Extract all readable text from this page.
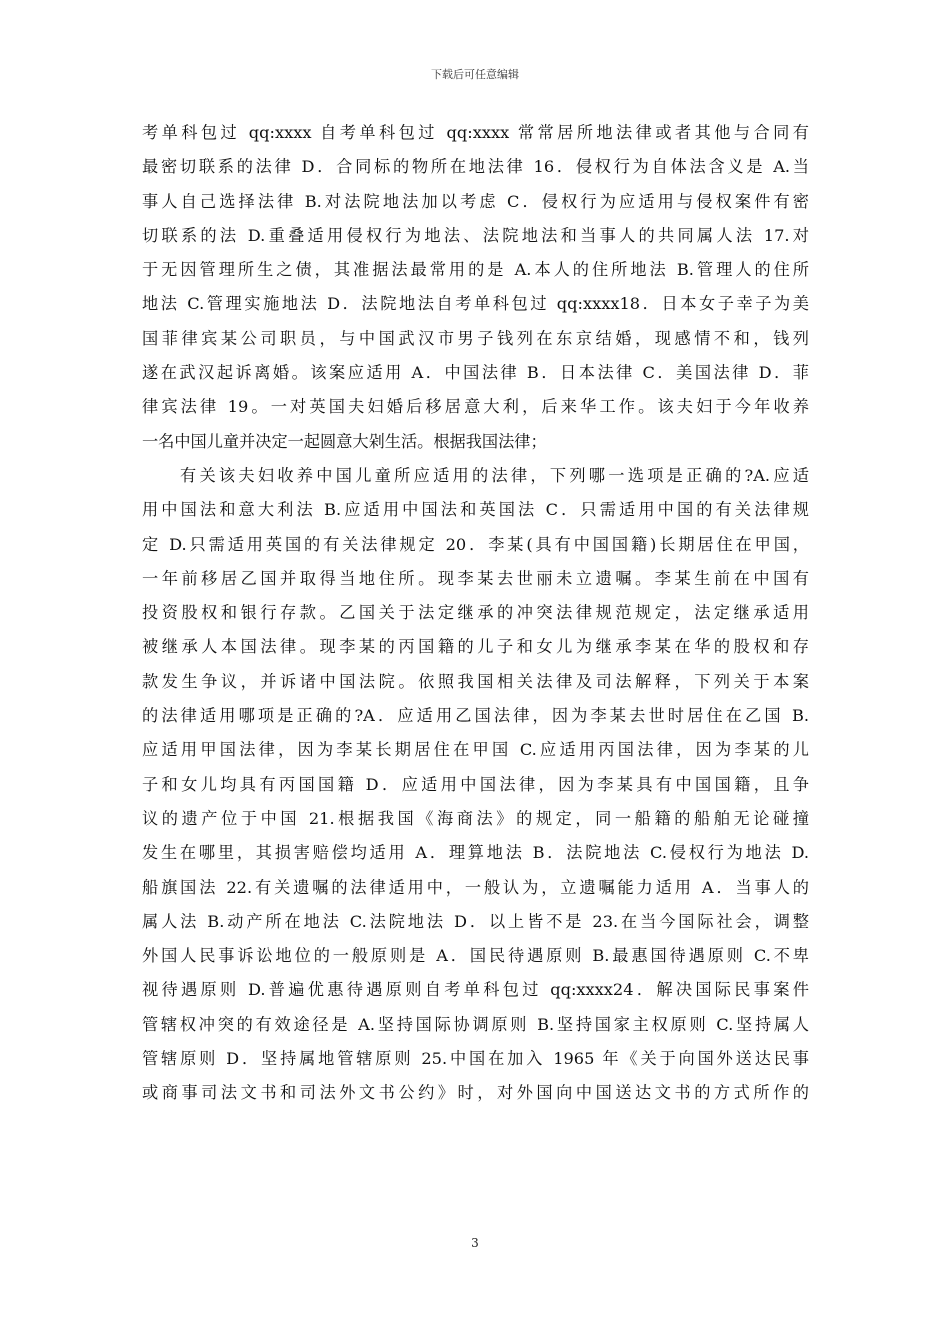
下载后可任意编辑
考单科包过 qq:xxxx 自考单科包过 qq:xxxx 常常居所地法律或者其他与合同有
最密切联系的法律 D．合同标的物所在地法律 16．侵权行为自体法含义是 A.当
事人自己选择法律 B.对法院地法加以考虑 C．侵权行为应适用与侵权案件有密
切联系的法 D.重叠适用侵权行为地法、法院地法和当事人的共同属人法 17.对
于无因管理所生之债，其准据法最常用的是 A.本人的住所地法 B.管理人的住所
地法 C.管理实施地法 D．法院地法自考单科包过 qq:xxxx18．日本女子幸子为美
国菲律宾某公司职员，与中国武汉市男子钱列在东京结婚，现感情不和，钱列
遂在武汉起诉离婚。该案应适用 A．中国法律 B．日本法律 C．美国法律 D．菲
律宾法律 19。一对英国夫妇婚后移居意大利，后来华工作。该夫妇于今年收养
一名中国儿童并决定一起圆意大剁生活。根据我国法律；
有关该夫妇收养中国儿童所应适用的法律，下列哪一选项是正确的?A.应适
用中国法和意大利法 B.应适用中国法和英国法 C．只需适用中国的有关法律规
定 D.只需适用英国的有关法律规定 20．李某(具有中国国籍)长期居住在甲国，
一年前移居乙国并取得当地住所。现李某去世丽未立遗嘱。李某生前在中国有
投资股权和银行存款。乙国关于法定继承的冲突法律规范规定，法定继承适用
被继承人本国法律。现李某的丙国籍的儿子和女儿为继承李某在华的股权和存
款发生争议，并诉诸中国法院。依照我国相关法律及司法解释，下列关于本案
的法律适用哪项是正确的?A．应适用乙国法律，因为李某去世时居住在乙国 B.
应适用甲国法律，因为李某长期居住在甲国 C.应适用丙国法律，因为李某的儿
子和女儿均具有丙国国籍 D．应适用中国法律，因为李某具有中国国籍，且争
议的遗产位于中国 21.根据我国《海商法》的规定，同一船籍的船舶无论碰撞
发生在哪里，其损害赔偿均适用 A．理算地法 B．法院地法 C.侵权行为地法 D.
船旗国法 22.有关遗嘱的法律适用中，一般认为，立遗嘱能力适用 A．当事人的
属人法 B.动产所在地法 C.法院地法 D．以上皆不是 23.在当今国际社会，调整
外国人民事诉讼地位的一般原则是 A．国民待遇原则 B.最惠国待遇原则 C.不卑
视待遇原则 D.普遍优惠待遇原则自考单科包过 qq:xxxx24．解决国际民事案件
管辖权冲突的有效途径是 A.坚持国际协调原则 B.坚持国家主权原则 C.坚持属人
管辖原则 D．坚持属地管辖原则 25.中国在加入 1965 年《关于向国外送达民事
或商事司法文书和司法外文书公约》时，对外国向中国送达文书的方式所作的
3
